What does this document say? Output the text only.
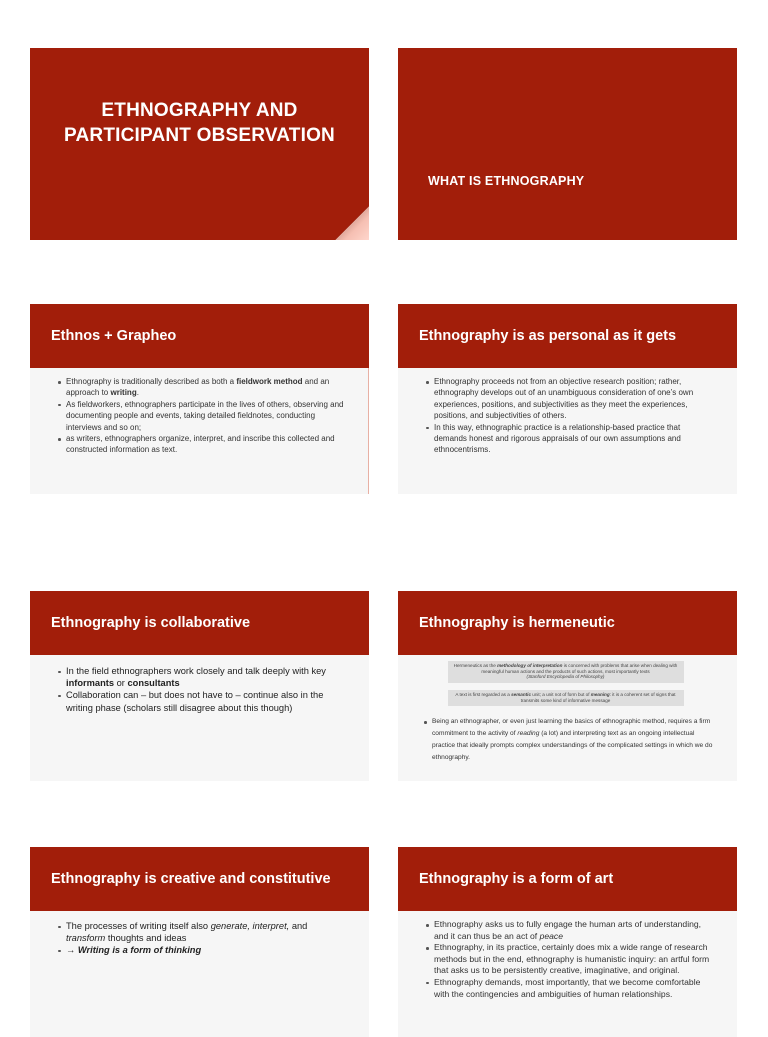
ETHNOGRAPHY AND
PARTICIPANT OBSERVATION
WHAT IS ETHNOGRAPHY
Ethnos + Grapheo
Ethnography is traditionally described as both a fieldwork method and an approach to writing.
As fieldworkers, ethnographers participate in the lives of others, observing and documenting people and events, taking detailed fieldnotes, conducting interviews and so on;
as writers, ethnographers organize, interpret, and inscribe this collected and constructed information as text.
Ethnography is as personal as it gets
Ethnography proceeds not from an objective research position; rather, ethnography develops out of an unambiguous consideration of one’s own experiences, positions, and subjectivities as they meet the experiences, positions, and subjectivities of others.
In this way, ethnographic practice is a relationship-based practice that demands honest and rigorous appraisals of our own assumptions and ethnocentrisms.
Ethnography is collaborative
In the field ethnographers work closely and talk deeply with key informants or consultants
Collaboration can – but does not have to – continue also in the writing phase (scholars still disagree about this though)
Ethnography is hermeneutic
Hermeneutics as the methodology of interpretation is concerned with problems that arise when dealing with meaningful human actions and the products of such actions, most importantly texts
(Stanford Encyclopedia of Philosophy)
A text is first regarded as a semantic unit; a unit not of form but of meaning: it is a coherent set of signs that transmits some kind of informative message
Being an ethnographer, or even just learning the basics of ethnographic method, requires a firm commitment to the activity of reading (a lot) and interpreting text as an ongoing intellectual practice that ideally prompts complex understandings of the complicated settings in which we do ethnography.
Ethnography is creative and constitutive
The processes of writing itself also generate, interpret, and transform thoughts and ideas
→ Writing is a form of thinking
Ethnography is a form of art
Ethnography asks us to fully engage the human arts of understanding, and it can thus be an act of peace
Ethnography, in its practice, certainly does mix a wide range of research methods but in the end, ethnography is humanistic inquiry: an artful form that asks us to be persistently creative, imaginative, and original.
Ethnography demands, most importantly, that we become comfortable with the contingencies and ambiguities of human relationships.
